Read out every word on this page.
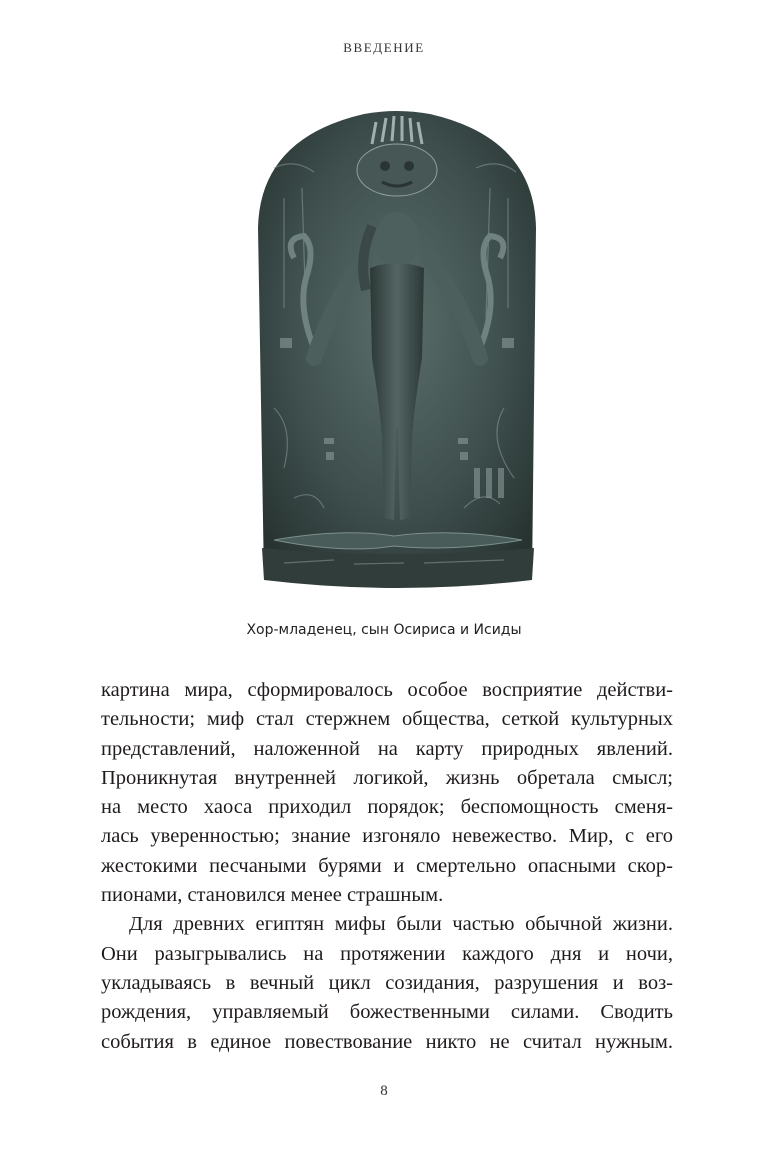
ВВЕДЕНИЕ
Хор-младенец, сын Осириса и Исиды
картина мира, сформировалось особое восприятие действи-
тельности; миф стал стержнем общества, сеткой культурных
представлений, наложенной на карту природных явлений.
Проникнутая внутренней логикой, жизнь обретала смысл;
на место хаоса приходил порядок; беспомощность сменя-
лась уверенностью; знание изгоняло невежество. Мир, с его
жестокими песчаными бурями и смертельно опасными скор-
пионами, становился менее страшным.
Для древних египтян мифы были частью обычной жизни.
Они разыгрывались на протяжении каждого дня и ночи,
укладываясь в вечный цикл созидания, разрушения и воз-
рождения, управляемый божественными силами. Сводить
события в единое повествование никто не считал нужным.
8
